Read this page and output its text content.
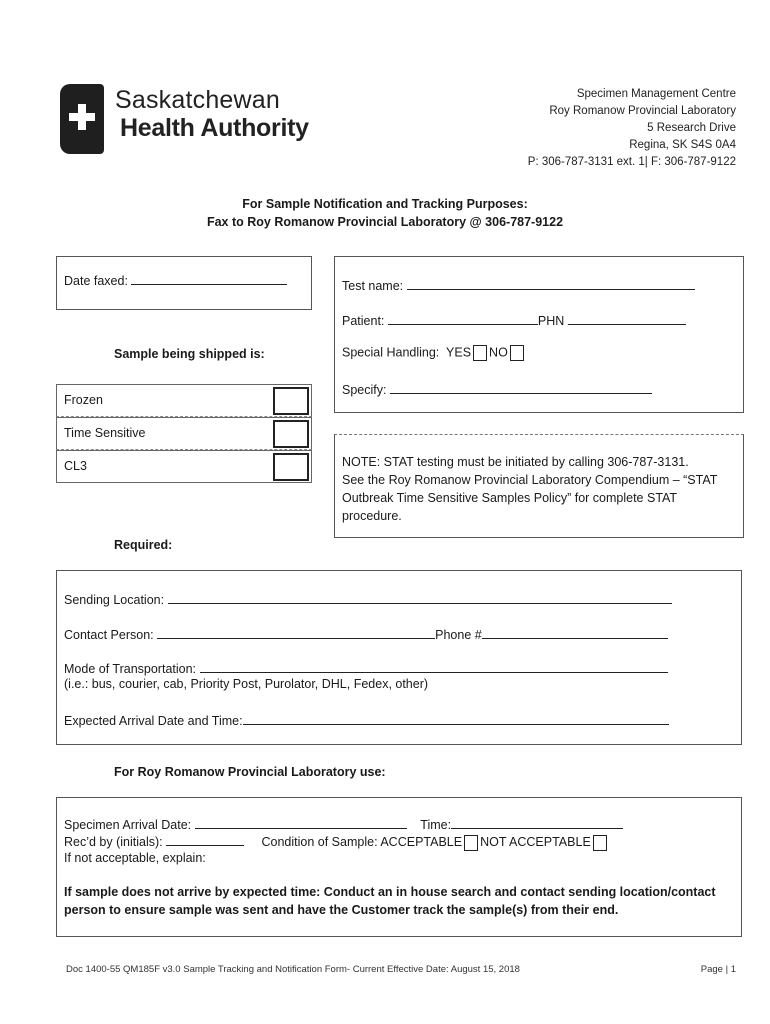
Saskatchewan
Health Authority
Specimen Management Centre
Roy Romanow Provincial Laboratory
5 Research Drive
Regina, SK S4S 0A4
P: 306-787-3131 ext. 1| F: 306-787-9122
For Sample Notification and Tracking Purposes:
Fax to Roy Romanow Provincial Laboratory @ 306-787-9122
Date faxed:	Test name:
Patient:	PHN
Special Handling: YES NO
Specify:
Sample being shipped is:
Frozen
Time Sensitive
CL3	NOTE: STAT testing must be initiated by calling 306-787-3131.
See the Roy Romanow Provincial Laboratory Compendium – “STAT
Outbreak Time Sensitive Samples Policy” for complete STAT
procedure.
Required:
Sending Location:
Contact Person:	Phone #
Mode of Transportation:
(i.e.: bus, courier, cab, Priority Post, Purolator, DHL, Fedex, other)
Expected Arrival Date and Time:
For Roy Romanow Provincial Laboratory use:
Specimen Arrival Date:	Time:
Rec’d by (initials):	Condition of Sample: ACCEPTABLE NOT ACCEPTABLE
If not acceptable, explain:
If sample does not arrive by expected time: Conduct an in house search and contact sending location/contact
person to ensure sample was sent and have the Customer track the sample(s) from their end.
Doc 1400-55 QM185F v3.0 Sample Tracking and Notification Form- Current Effective Date: August 15, 2018	Page | 1
